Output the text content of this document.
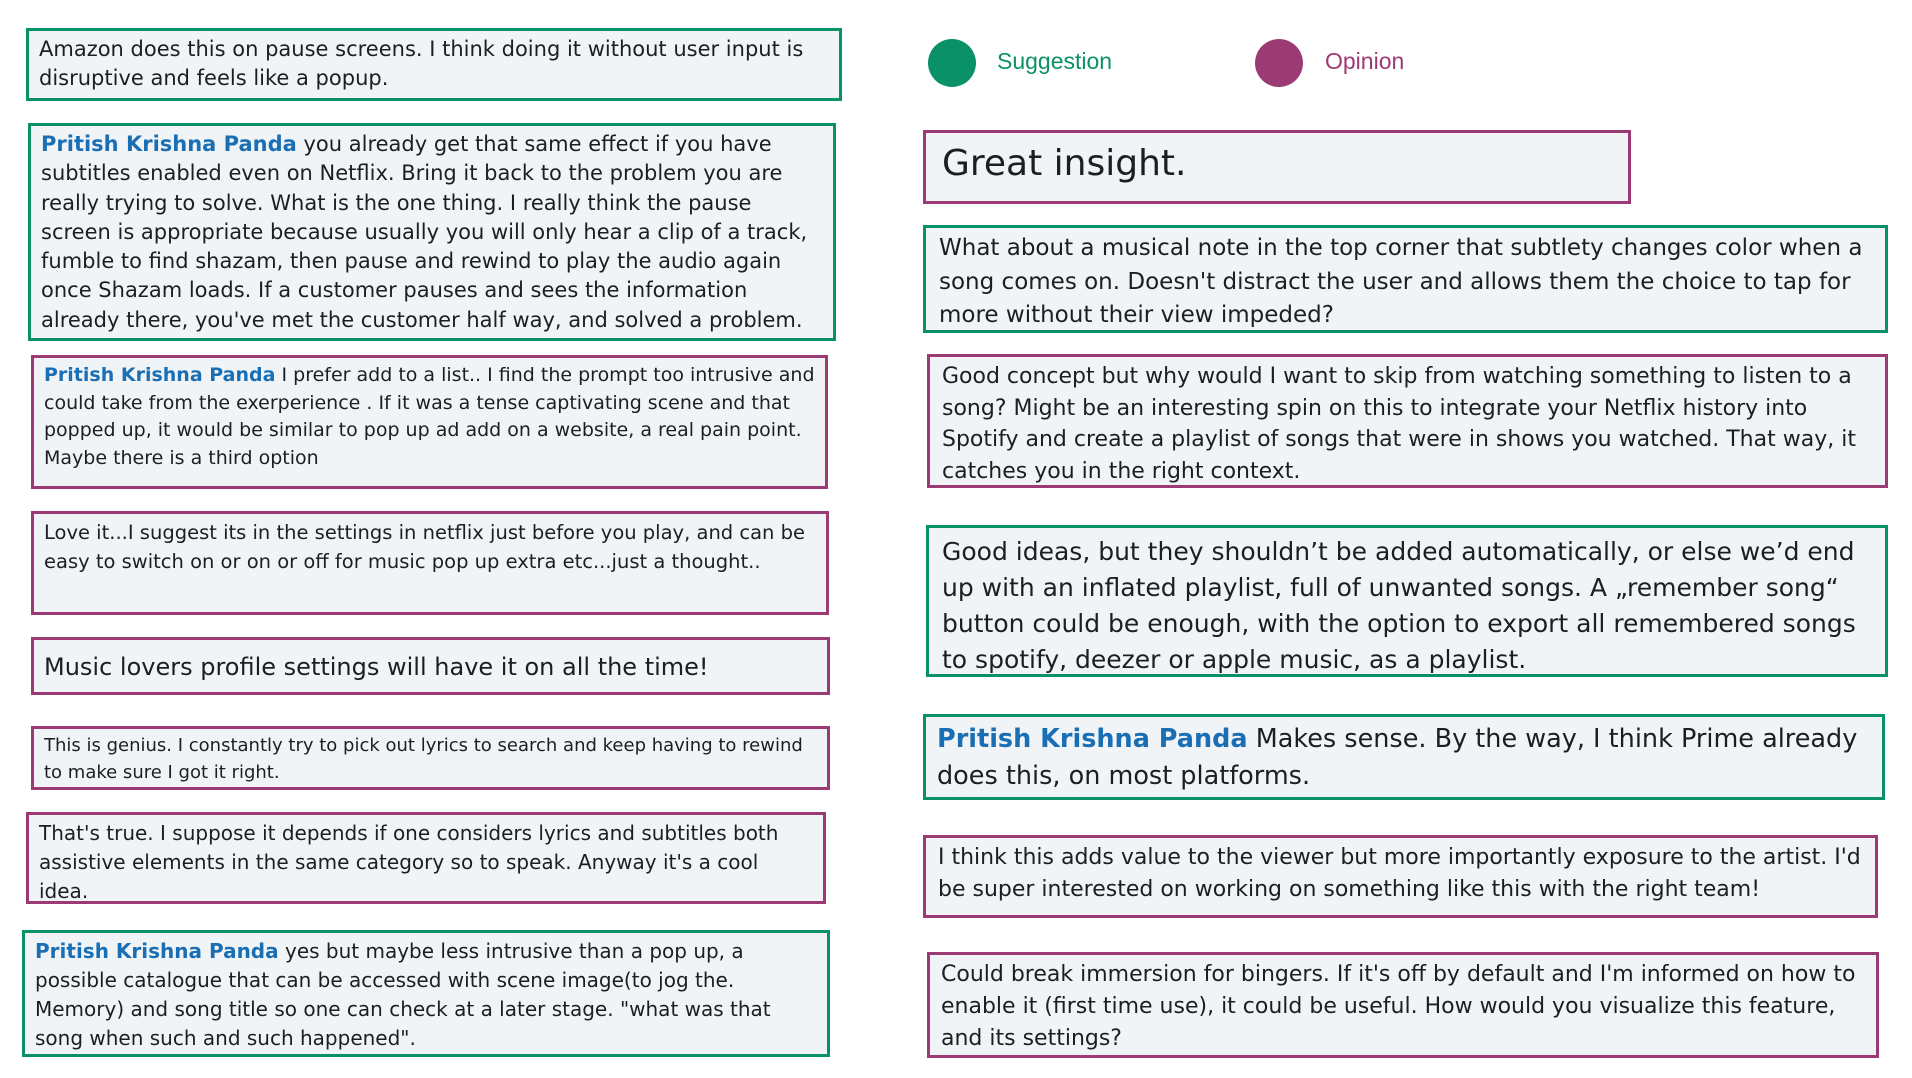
Suggestion	Opinion

Amazon does this on pause screens. I think doing it without user input is disruptive and feels like a popup.

Pritish Krishna Panda you already get that same effect if you have subtitles enabled even on Netflix. Bring it back to the problem you are really trying to solve. What is the one thing. I really think the pause screen is appropriate because usually you will only hear a clip of a track, fumble to find shazam, then pause and rewind to play the audio again once Shazam loads. If a customer pauses and sees the information already there, you've met the customer half way, and solved a problem.

Pritish Krishna Panda I prefer add to a list.. I find the prompt too intrusive and could take from the exerperience . If it was a tense captivating scene and that popped up, it would be similar to pop up ad add on a website, a real pain point. Maybe there is a third option

Love it...I suggest its in the settings in netflix just before you play, and can be easy to switch on or on or off for music pop up extra etc...just a thought..

Music lovers profile settings will have it on all the time!

This is genius. I constantly try to pick out lyrics to search and keep having to rewind to make sure I got it right.

That's true. I suppose it depends if one considers lyrics and subtitles both assistive elements in the same category so to speak. Anyway it's a cool idea.

Pritish Krishna Panda yes but maybe less intrusive than a pop up, a possible catalogue that can be accessed with scene image(to jog the. Memory) and song title so one can check at a later stage. "what was that song when such and such happened".

Great insight.

What about a musical note in the top corner that subtlety changes color when a song comes on. Doesn't distract the user and allows them the choice to tap for more without their view impeded?

Good concept but why would I want to skip from watching something to listen to a song? Might be an interesting spin on this to integrate your Netflix history into Spotify and create a playlist of songs that were in shows you watched. That way, it catches you in the right context.

Good ideas, but they shouldn’t be added automatically, or else we’d end up with an inflated playlist, full of unwanted songs. A „remember song“ button could be enough, with the option to export all remembered songs to spotify, deezer or apple music, as a playlist.

Pritish Krishna Panda Makes sense. By the way, I think Prime already does this, on most platforms.

I think this adds value to the viewer but more importantly exposure to the artist. I'd be super interested on working on something like this with the right team!

Could break immersion for bingers. If it's off by default and I'm informed on how to enable it (first time use), it could be useful. How would you visualize this feature, and its settings?
